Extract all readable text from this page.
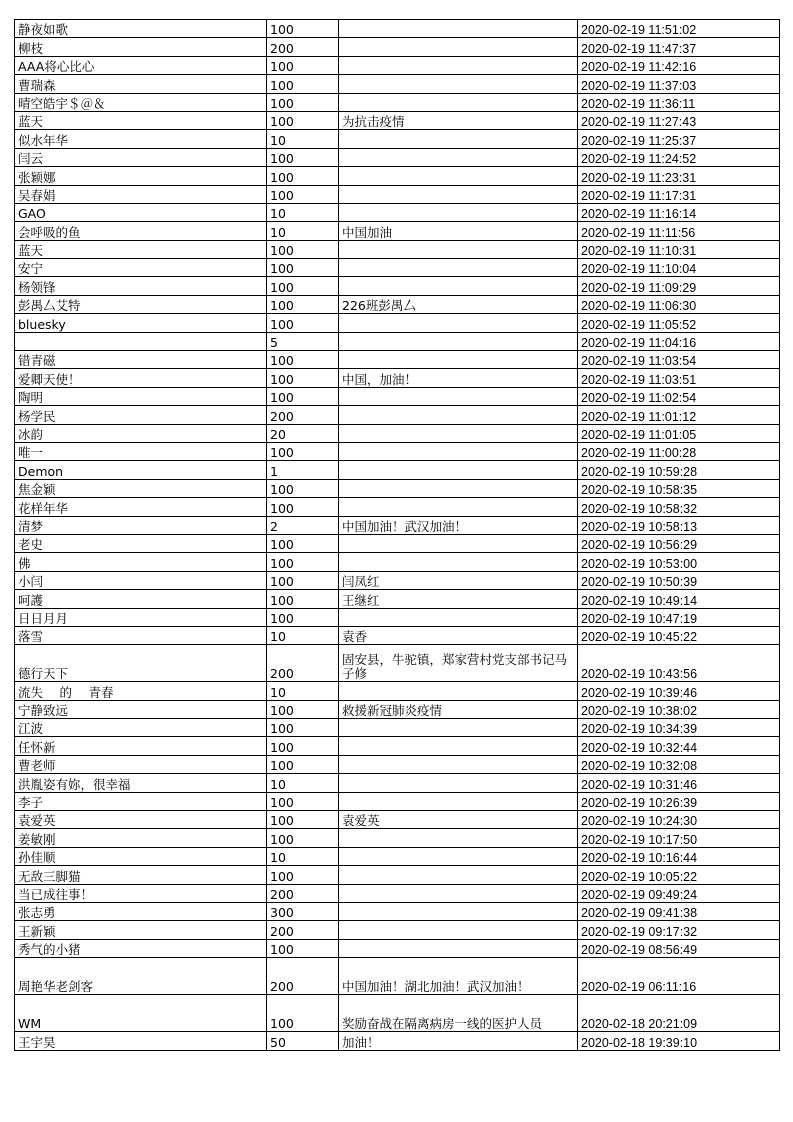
静夜如歌	100		2020-02-19 11:51:02
柳枝	200		2020-02-19 11:47:37
AAA将心比心	100		2020-02-19 11:42:16
曹瑞森	100		2020-02-19 11:37:03
晴空皓宇＄＠＆	100		2020-02-19 11:36:11
蓝天	100	为抗击疫情	2020-02-19 11:27:43
似水年华	10		2020-02-19 11:25:37
闫云	100		2020-02-19 11:24:52
张颖娜	100		2020-02-19 11:23:31
吴春娟	100		2020-02-19 11:17:31
GAO	10		2020-02-19 11:16:14
会呼吸的鱼	10	中国加油	2020-02-19 11:11:56
蓝天	100		2020-02-19 11:10:31
安宁	100		2020-02-19 11:10:04
杨领锋	100		2020-02-19 11:09:29
彭禺厶艾特	100	226班彭禺厶	2020-02-19 11:06:30
bluesky	100		2020-02-19 11:05:52
	5		2020-02-19 11:04:16
错青磁	100		2020-02-19 11:03:54
爱卿天使！	100	中国，加油！	2020-02-19 11:03:51
陶明	100		2020-02-19 11:02:54
杨学民	200		2020-02-19 11:01:12
冰韵	20		2020-02-19 11:01:05
唯一	100		2020-02-19 11:00:28
Demon	1		2020-02-19 10:59:28
焦金颖	100		2020-02-19 10:58:35
花样年华	100		2020-02-19 10:58:32
清梦	2	中国加油！武汉加油！	2020-02-19 10:58:13
老史	100		2020-02-19 10:56:29
佛	100		2020-02-19 10:53:00
小闫	100	闫凤红	2020-02-19 10:50:39
呵護	100	王继红	2020-02-19 10:49:14
日日月月	100		2020-02-19 10:47:19
落雪	10	袁香	2020-02-19 10:45:22
德行天下	200	固安县，牛驼镇，郑家营村党支部书记马子修	2020-02-19 10:43:56
流失　 的　 青春	10		2020-02-19 10:39:46
宁静致远	100	救援新冠肺炎疫情	2020-02-19 10:38:02
江波	100		2020-02-19 10:34:39
任怀新	100		2020-02-19 10:32:44
曹老师	100		2020-02-19 10:32:08
洪胤姿有妳，很幸福	10		2020-02-19 10:31:46
李子	100		2020-02-19 10:26:39
袁爱英	100	袁爱英	2020-02-19 10:24:30
姜敏刚	100		2020-02-19 10:17:50
孙佳顺	10		2020-02-19 10:16:44
无敌三脚猫	100		2020-02-19 10:05:22
当已成往事！	200		2020-02-19 09:49:24
张志勇	300		2020-02-19 09:41:38
王新颖	200		2020-02-19 09:17:32
秀气的小猪	100		2020-02-19 08:56:49
周艳华老剑客	200	中国加油！湖北加油！武汉加油！	2020-02-19 06:11:16
WM	100	奖励奋战在隔离病房一线的医护人员	2020-02-18 20:21:09
王宇昊	50	加油！	2020-02-18 19:39:10
